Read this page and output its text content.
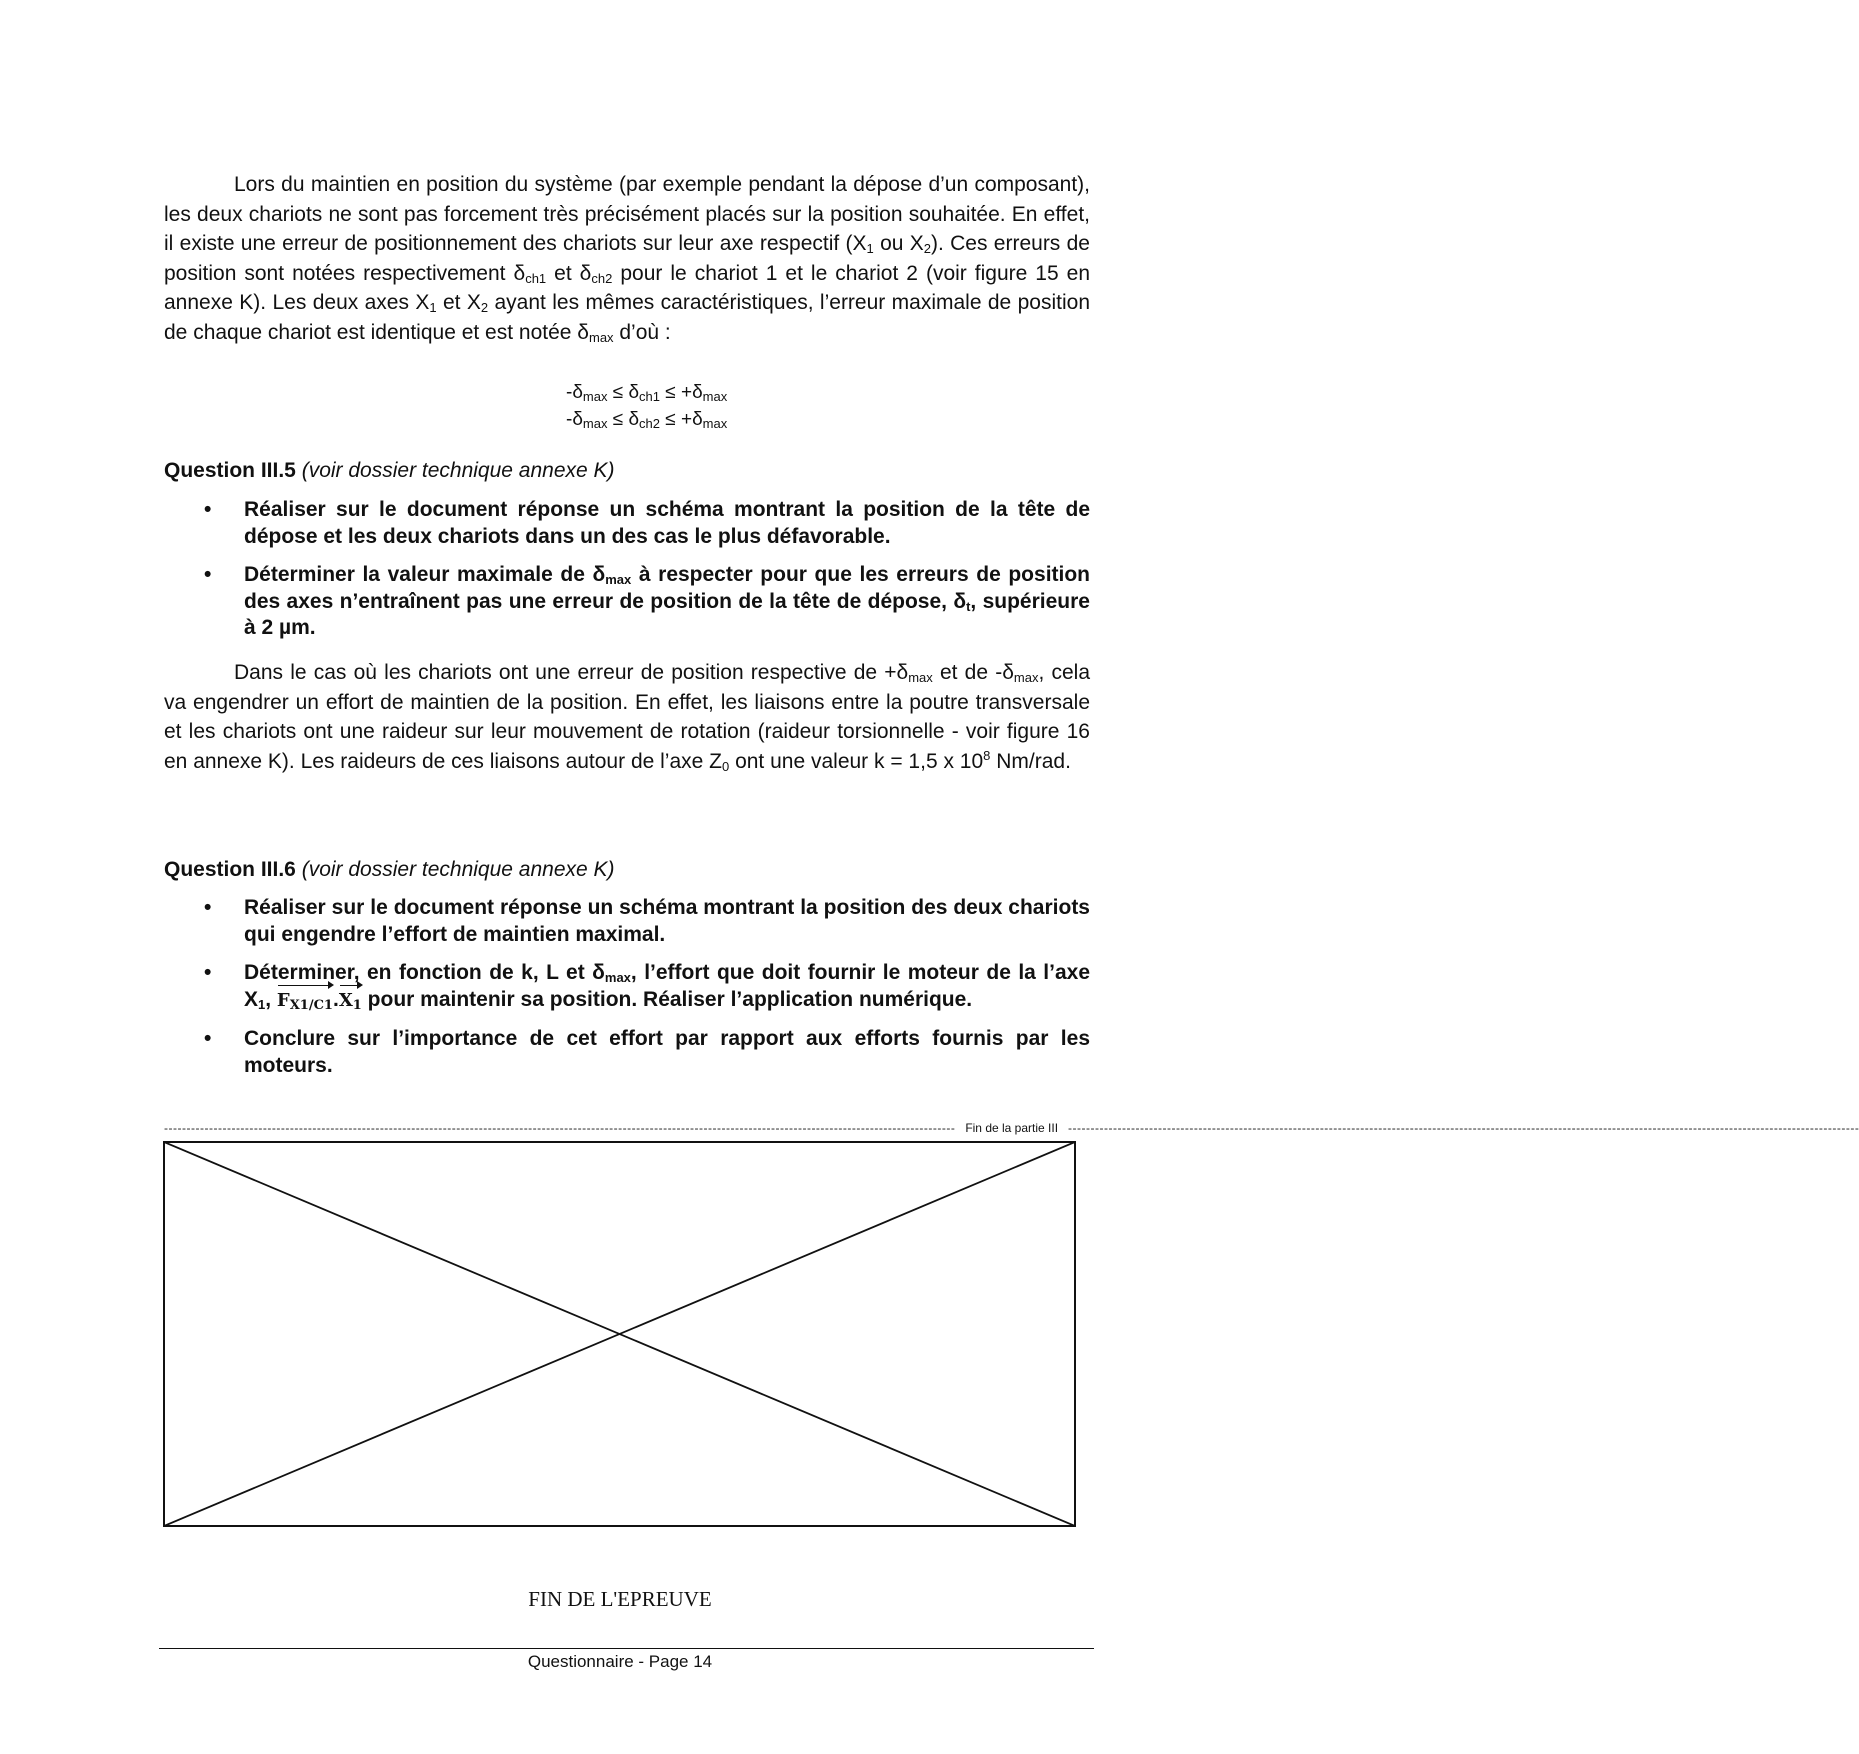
Lors du maintien en position du système (par exemple pendant la dépose d’un composant), les deux chariots ne sont pas forcement très précisément placés sur la position souhaitée. En effet, il existe une erreur de positionnement des chariots sur leur axe respectif ($X_1$ ou $X_2$). Ces erreurs de position sont notées respectivement $\delta_{ch1}$ et $\delta_{ch2}$ pour le chariot 1 et le chariot 2 (voir figure 15 en annexe K). Les deux axes $X_1$ et $X_2$ ayant les mêmes caractéristiques, l’erreur maximale de position de chaque chariot est identique et est notée $\delta_{max}$ d’où :
$-\delta_{max} \le \delta_{ch1} \le +\delta_{max}$
$-\delta_{max} \le \delta_{ch2} \le +\delta_{max}$
Question III.5 (voir dossier technique annexe K)
• Réaliser sur le document réponse un schéma montrant la position de la tête de dépose et les deux chariots dans un des cas le plus défavorable.
• Déterminer la valeur maximale de $\delta_{max}$ à respecter pour que les erreurs de position des axes n’entraînent pas une erreur de position de la tête de dépose, $\delta_t$, supérieure à 2 µm.
Dans le cas où les chariots ont une erreur de position respective de $+\delta_{max}$ et de $-\delta_{max}$, cela va engendrer un effort de maintien de la position. En effet, les liaisons entre la poutre transversale et les chariots ont une raideur sur leur mouvement de rotation (raideur torsionnelle - voir figure 16 en annexe K). Les raideurs de ces liaisons autour de l’axe $Z_0$ ont une valeur k = 1,5 x $10^8$ Nm/rad.
Question III.6 (voir dossier technique annexe K)
• Réaliser sur le document réponse un schéma montrant la position des deux chariots qui engendre l’effort de maintien maximal.
• Déterminer, en fonction de k, L et $\delta_{max}$, l’effort que doit fournir le moteur de la l’axe $X_1$, $F_{X1/C1}.X_1$ pour maintenir sa position. Réaliser l’application numérique.
• Conclure sur l’importance de cet effort par rapport aux efforts fournis par les moteurs.
-------------------------------------------------------------------------------------------------------------------------------------------------------------------------------- Fin de la partie III --------------------------------------------------------------------------------------------------------------------------------------------------------------------------------
FIN DE L'EPREUVE
Questionnaire - Page 14
